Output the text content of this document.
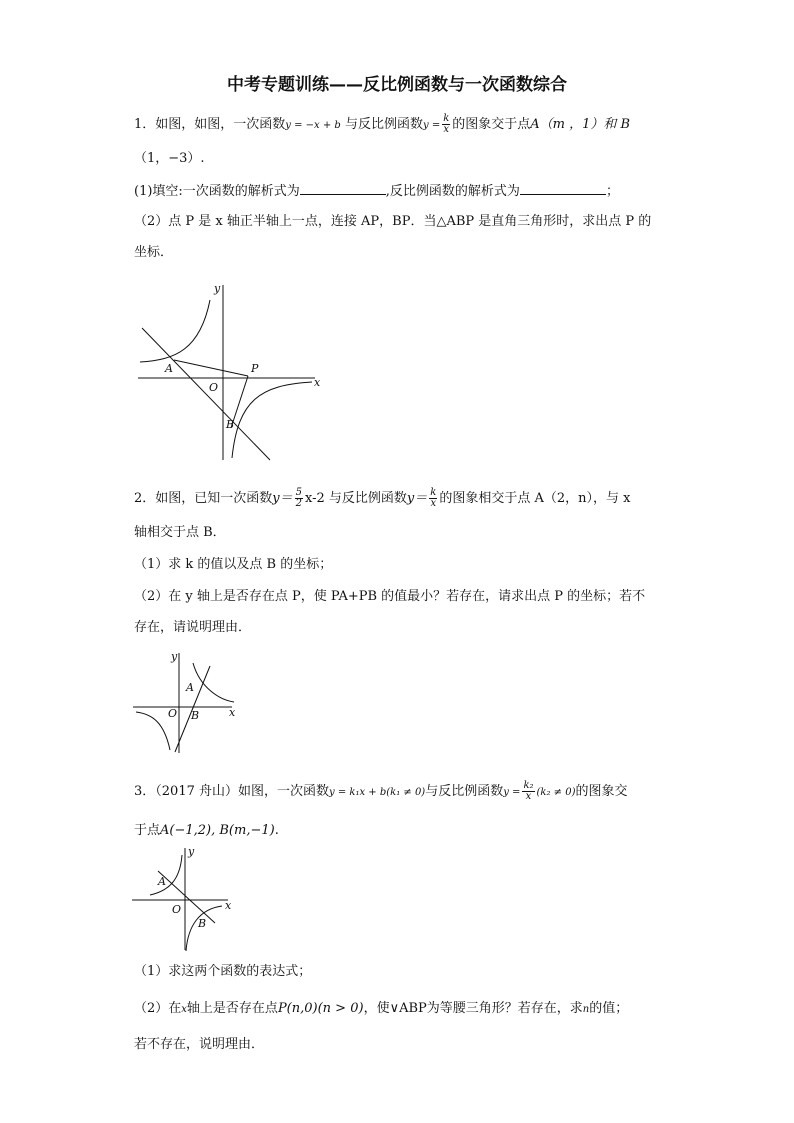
中考专题训练——反比例函数与一次函数综合
1．如图，如图，一次函数y = −x + b 与反比例函数$y = \frac{k}{x}$ 的图象交于点A（m ，1）和 B
（1，−3）.
(1)填空:一次函数的解析式为	,反比例函数的解析式为	；
（2）点 P 是 x 轴正半轴上一点，连接 AP，BP．当△ABP 是直角三角形时，求出点 P 的
坐标．
y
x
O
A
B
P
2．如图，已知一次函数$y= \frac{5}{2} x-2$ 与反比例函数$y= \frac{k}{x}$ 的图象相交于点 A（2，n），与 x
轴相交于点 B．
（1）求 k 的值以及点 B 的坐标；
（2）在 y 轴上是否存在点 P，使 PA+PB 的值最小？若存在，请求出点 P 的坐标；若不
存在，请说明理由．
y
x
O
A
B
3．（2017 舟山）如图，一次函数y = k₁x + b(k₁ ≠ 0)与反比例函数$y = \frac{\text{k₂}}{x} (k_2 \ne 0)$的图象交
于点A(−1,2), B(m,−1).
y
x
O
A
B
（1）求这两个函数的表达式；
（2）在x轴上是否存在点P(n,0)(n > 0)，使∨ABP为等腰三角形？若存在，求n的值；
若不存在，说明理由．
